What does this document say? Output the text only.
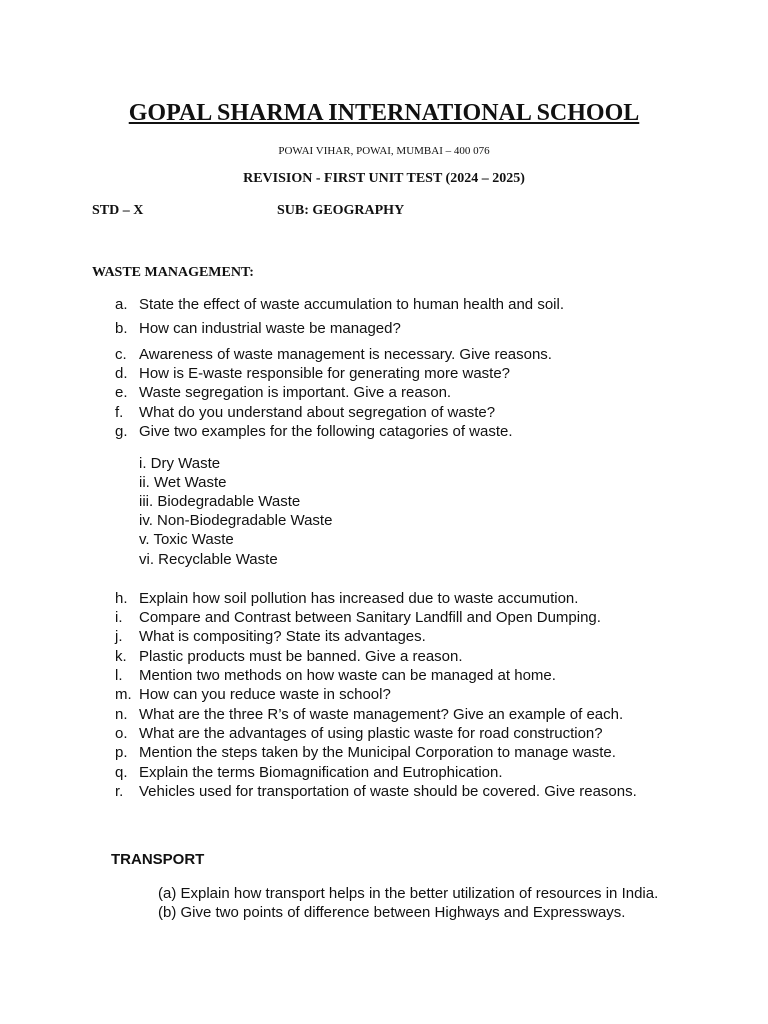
GOPAL SHARMA INTERNATIONAL SCHOOL
POWAI VIHAR, POWAI, MUMBAI – 400 076
REVISION - FIRST UNIT TEST (2024 – 2025)
STD – X	SUB: GEOGRAPHY
WASTE MANAGEMENT:
a. State the effect of waste accumulation to human health and soil.
b. How can industrial waste be managed?
c. Awareness of waste management is necessary. Give reasons.
d. How is E-waste responsible for generating more waste?
e. Waste segregation is important. Give a reason.
f. What do you understand about segregation of waste?
g. Give two examples for the following catagories of waste.
i. Dry Waste
ii. Wet Waste
iii. Biodegradable Waste
iv. Non-Biodegradable Waste
v. Toxic Waste
vi. Recyclable Waste
h. Explain how soil pollution has increased due to waste accumution.
i. Compare and Contrast between Sanitary Landfill and Open Dumping.
j. What is compositing? State its advantages.
k. Plastic products must be banned. Give a reason.
l. Mention two methods on how waste can be managed at home.
m. How can you reduce waste in school?
n. What are the three R’s of waste management? Give an example of each.
o. What are the advantages of using plastic waste for road construction?
p. Mention the steps taken by the Municipal Corporation to manage waste.
q. Explain the terms Biomagnification and Eutrophication.
r. Vehicles used for transportation of waste should be covered. Give reasons.
TRANSPORT
(a) Explain how transport helps in the better utilization of resources in India.
(b) Give two points of difference between Highways and Expressways.
